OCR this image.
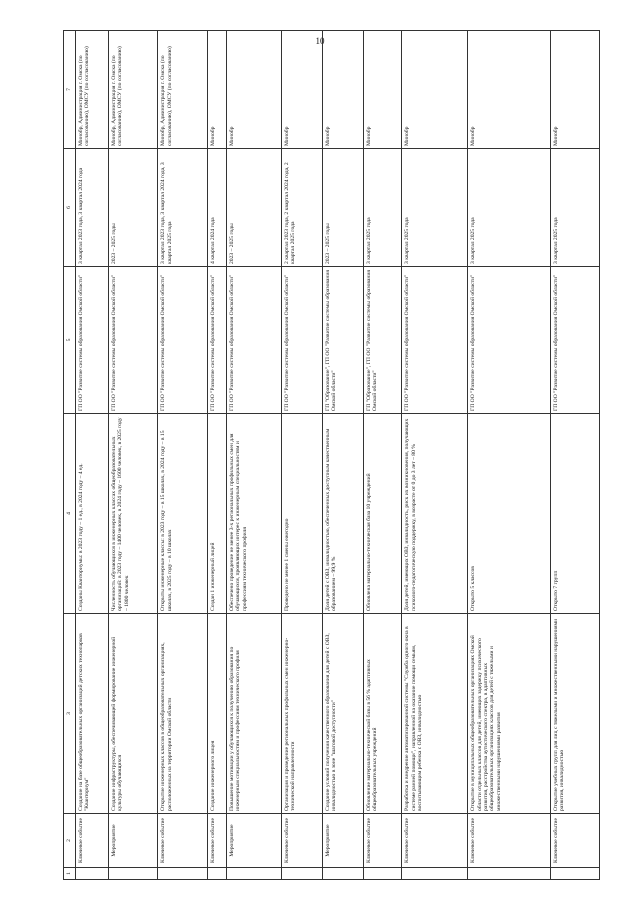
10
1	2	3	4	5	6	7
	Ключевое событие	Создание на базе общеобразовательных организаций детских технопарков "Кванториум"	Созданы Кванториумы: в 2023 году – 1 ед., в 2024 году – 4 ед.	ГП ОО "Развитие системы образования Омской области"	3 квартал 2023 года, 3 квартал 2024 года	Минобр, Администрация г. Омска (по согласованию), ОМСУ (по согласованию)
	Мероприятие	Создание инфраструктуры, обеспечивающей формирование инженерной культуры обучающихся	Численность обучающихся в инженерных классах общеобразовательных организаций: в 2023 году – 1400 человек, в 2024 году – 1600 человек, в 2025 году – 1800 человек	ГП ОО "Развитие системы образования Омской области"	2023 – 2025 годы	Минобр, Администрация г. Омска (по согласованию), ОМСУ (по согласованию)
	Ключевое событие	Открытие инженерных классов в общеобразовательных организациях, расположенных на территории Омской области	Открыты инженерные классы: в 2023 году – в 15 школах, в 2024 году – в 15 школах, в 2025 году – в 10 школах	ГП ОО "Развитие системы образования Омской области"	3 квартал 2023 года, 3 квартал 2024 года, 3 квартал 2025 года	Минобр, Администрация г. Омска (по согласованию), ОМСУ (по согласованию)
	Ключевое событие	Создание инженерного лицея	Создан 1 инженерный лицей	ГП ОО "Развитие системы образования Омской области"	4 квартал 2024 года	Минобр
	Мероприятие	Повышение мотивации у обучающихся к получению образования по инженерным специальностям и профессиям технического профиля	Обеспечено проведение не менее 3-х региональных профильных смен для обучающихся, проявляющих интерес к инженерным специальностям и профессиям технического профиля	ГП ОО "Развитие системы образования Омской области"	2023 – 2025 годы	Минобр
	Ключевое событие	Организация и проведение региональных профильных смен инженерно-технической направленности	Проведено не менее 1 смены ежегодно	ГП ОО "Развитие системы образования Омской области"	2 квартал 2023 года, 2 квартал 2024 года, 2 квартал 2025 года	Минобр
	Мероприятие	Создание условий получения качественного образования для детей с ОВЗ, инвалидностью в зоне "шаговой доступности"	Доля детей с ОВЗ, инвалидностью, обеспеченных доступным качественным образованием – 99,9 %	ГП "Образование", ГП ОО "Развитие системы образования Омской области"	2023 – 2025 годы	Минобр
	Ключевое событие	Обновление материально-технической базы в 56 % адаптивных общеобразовательных учреждений	Обновлена материально-техническая база 10 учреждений	ГП "Образование", ГП ОО "Развитие системы образования Омской области"	3 квартал 2025 года	Минобр
	Ключевое событие	Разработка и внедрение автоматизированной системы "Служба одного окна в системе ранней помощи", направленной на оказание помощи семьям, воспитывающим ребенка с ОВЗ, инвалидностью	Доля детей, имеющих ОВЗ, инвалидность, риск их возникновения, получающих психолого-педагогическую поддержку, в возрасте от 0 до 3 лет – 80 %	ГП ОО "Развитие системы образования Омской области"	3 квартал 2025 года	Минобр
	Ключевое событие	Открытие в муниципальных общеобразовательных организациях Омской области отдельных классов для детей, имеющих задержку психического развития, расстройства аутистического спектра, в адаптивных общеобразовательных организациях классов для детей с тяжелыми и множественными нарушениями развития	Открыто 5 классов	ГП ОО "Развитие системы образования Омской области"	3 квартал 2025 года	Минобр
	Ключевое событие	Открытие учебных групп для лиц с тяжелыми и множественными нарушениями развития, инвалидностью	Открыто 7 групп	ГП ОО "Развитие системы образования Омской области"	3 квартал 2025 года	Минобр
